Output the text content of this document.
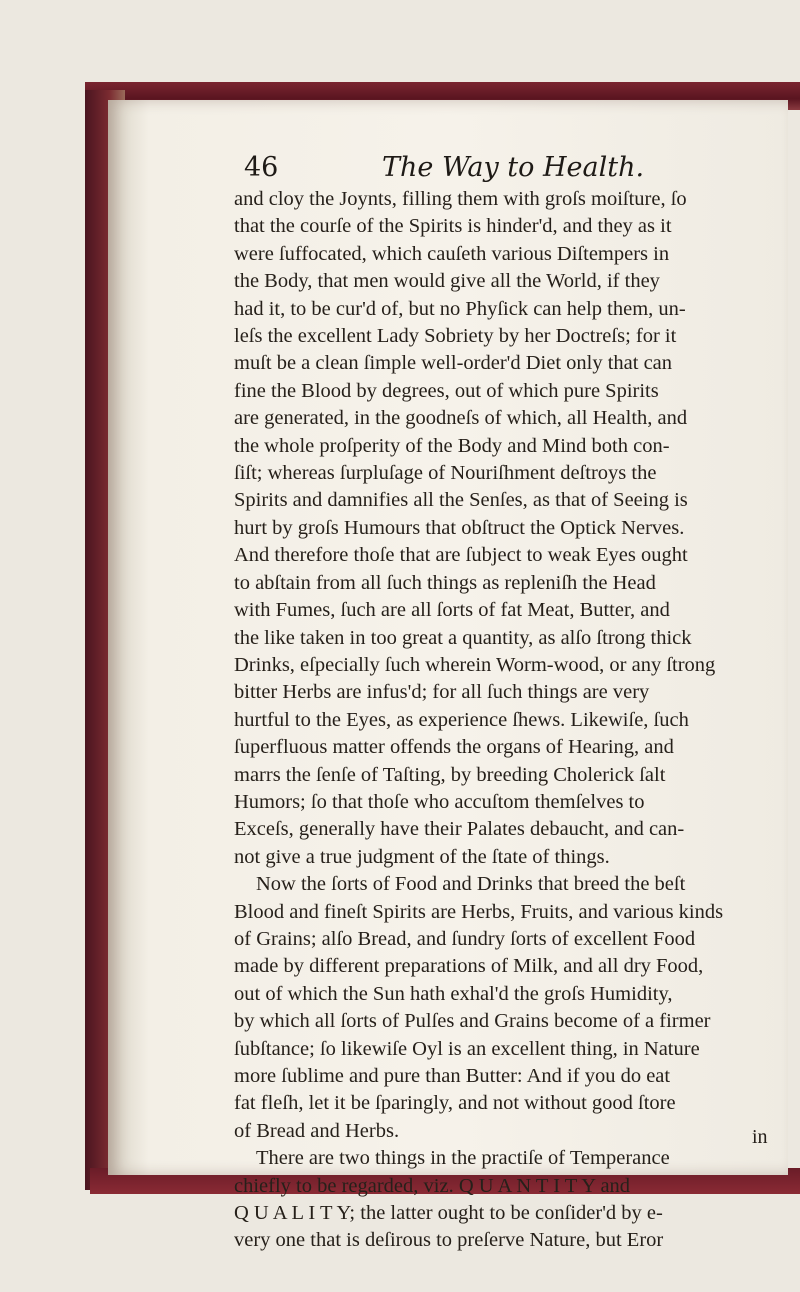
46	The Way to Health.
and cloy the Joynts, filling them with groſs moiſture, ſo
that the courſe of the Spirits is hinder'd, and they as it
were ſuffocated, which cauſeth various Diſtempers in
the Body, that men would give all the World, if they
had it, to be cur'd of, but no Phyſick can help them, un-
leſs the excellent Lady Sobriety by her Doctreſs; for it
muſt be a clean ſimple well-order'd Diet only that can
fine the Blood by degrees, out of which pure Spirits
are generated, in the goodneſs of which, all Health, and
the whole proſperity of the Body and Mind both con-
ſiſt; whereas ſurpluſage of Nouriſhment deſtroys the
Spirits and damnifies all the Senſes, as that of Seeing is
hurt by groſs Humours that obſtruct the Optick Nerves.
And therefore thoſe that are ſubject to weak Eyes ought
to abſtain from all ſuch things as repleniſh the Head
with Fumes, ſuch are all ſorts of fat Meat, Butter, and
the like taken in too great a quantity, as alſo ſtrong thick
Drinks, eſpecially ſuch wherein Worm-wood, or any ſtrong
bitter Herbs are infus'd; for all ſuch things are very
hurtful to the Eyes, as experience ſhews. Likewiſe, ſuch
ſuperfluous matter offends the organs of Hearing, and
marrs the ſenſe of Taſting, by breeding Cholerick ſalt
Humors; ſo that thoſe who accuſtom themſelves to
Exceſs, generally have their Palates debaucht, and can-
not give a true judgment of the ſtate of things.
Now the ſorts of Food and Drinks that breed the beſt
Blood and fineſt Spirits are Herbs, Fruits, and various kinds
of Grains; alſo Bread, and ſundry ſorts of excellent Food
made by different preparations of Milk, and all dry Food,
out of which the Sun hath exhal'd the groſs Humidity,
by which all ſorts of Pulſes and Grains become of a firmer
ſubſtance; ſo likewiſe Oyl is an excellent thing, in Nature
more ſublime and pure than Butter: And if you do eat
fat fleſh, let it be ſparingly, and not without good ſtore
of Bread and Herbs.
There are two things in the practiſe of Temperance
chiefly to be regarded, viz. Q U A N T I T Y and
Q U A L I T Y; the latter ought to be conſider'd by e-
very one that is deſirous to preſerve Nature, but Eror
in
